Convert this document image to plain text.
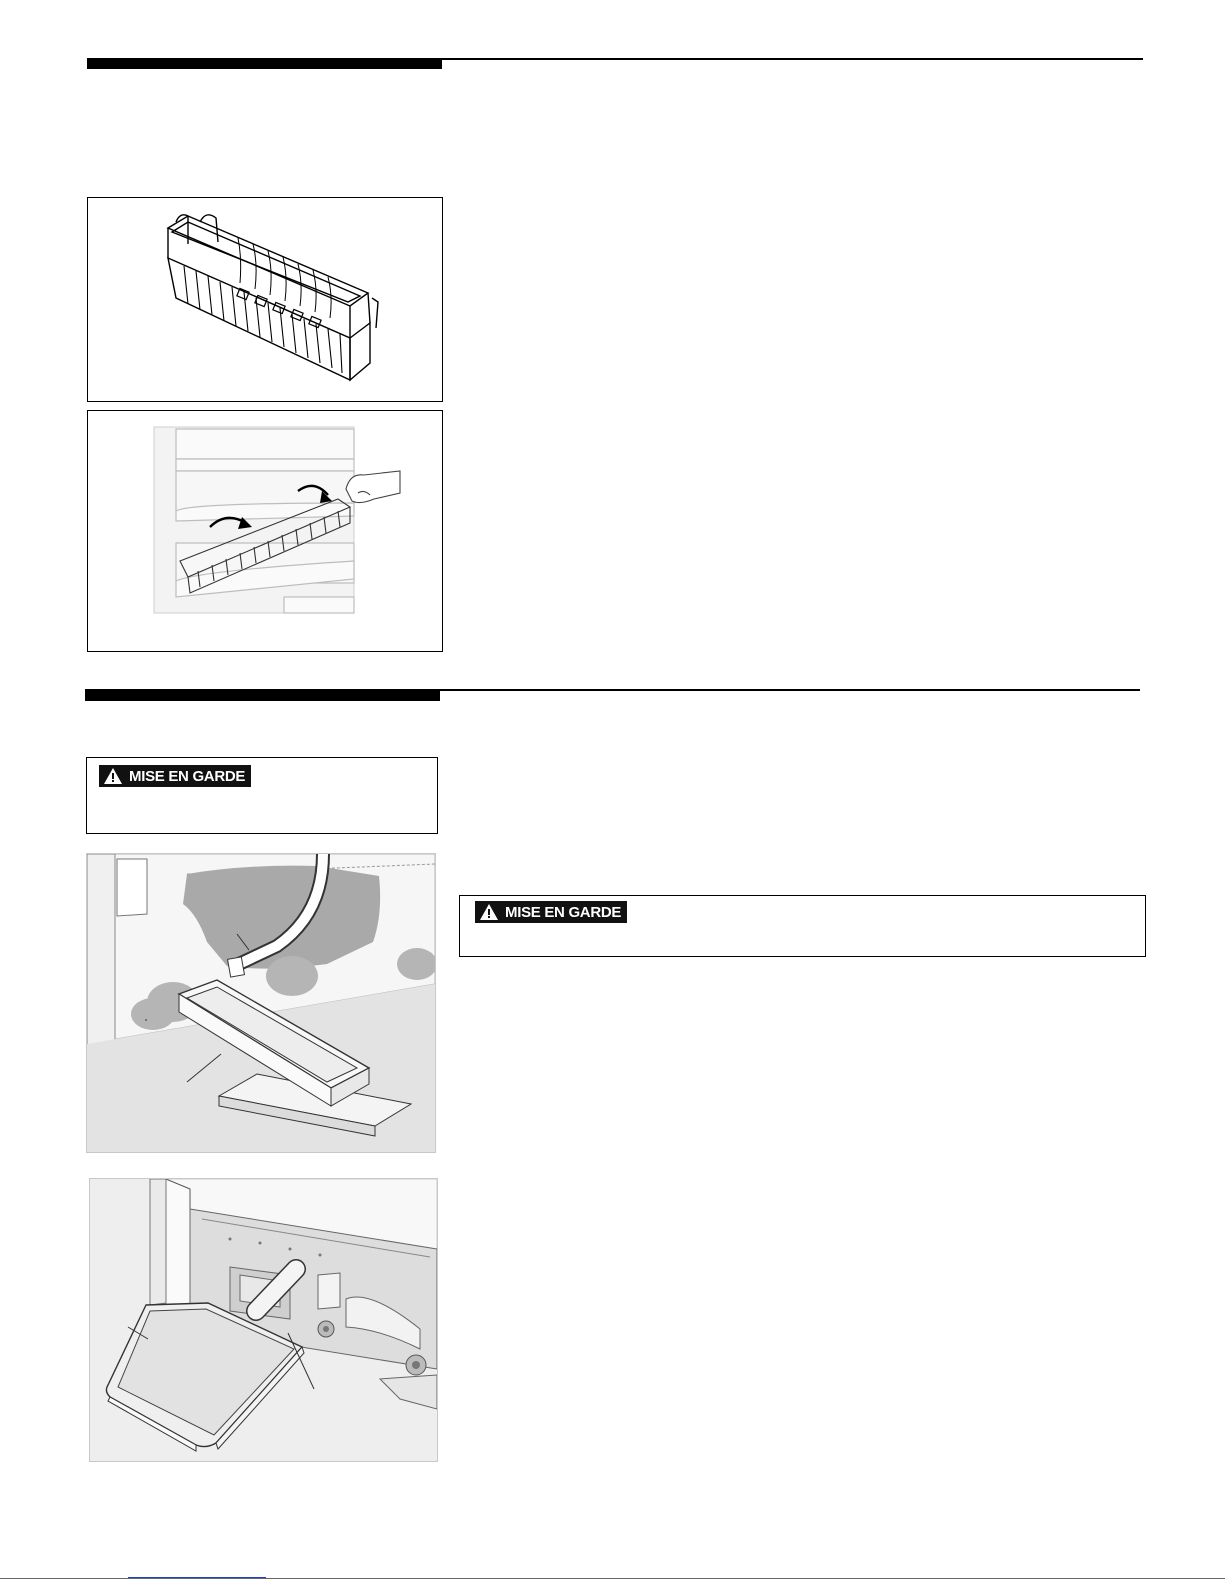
MISE EN GARDE
MISE EN GARDE
